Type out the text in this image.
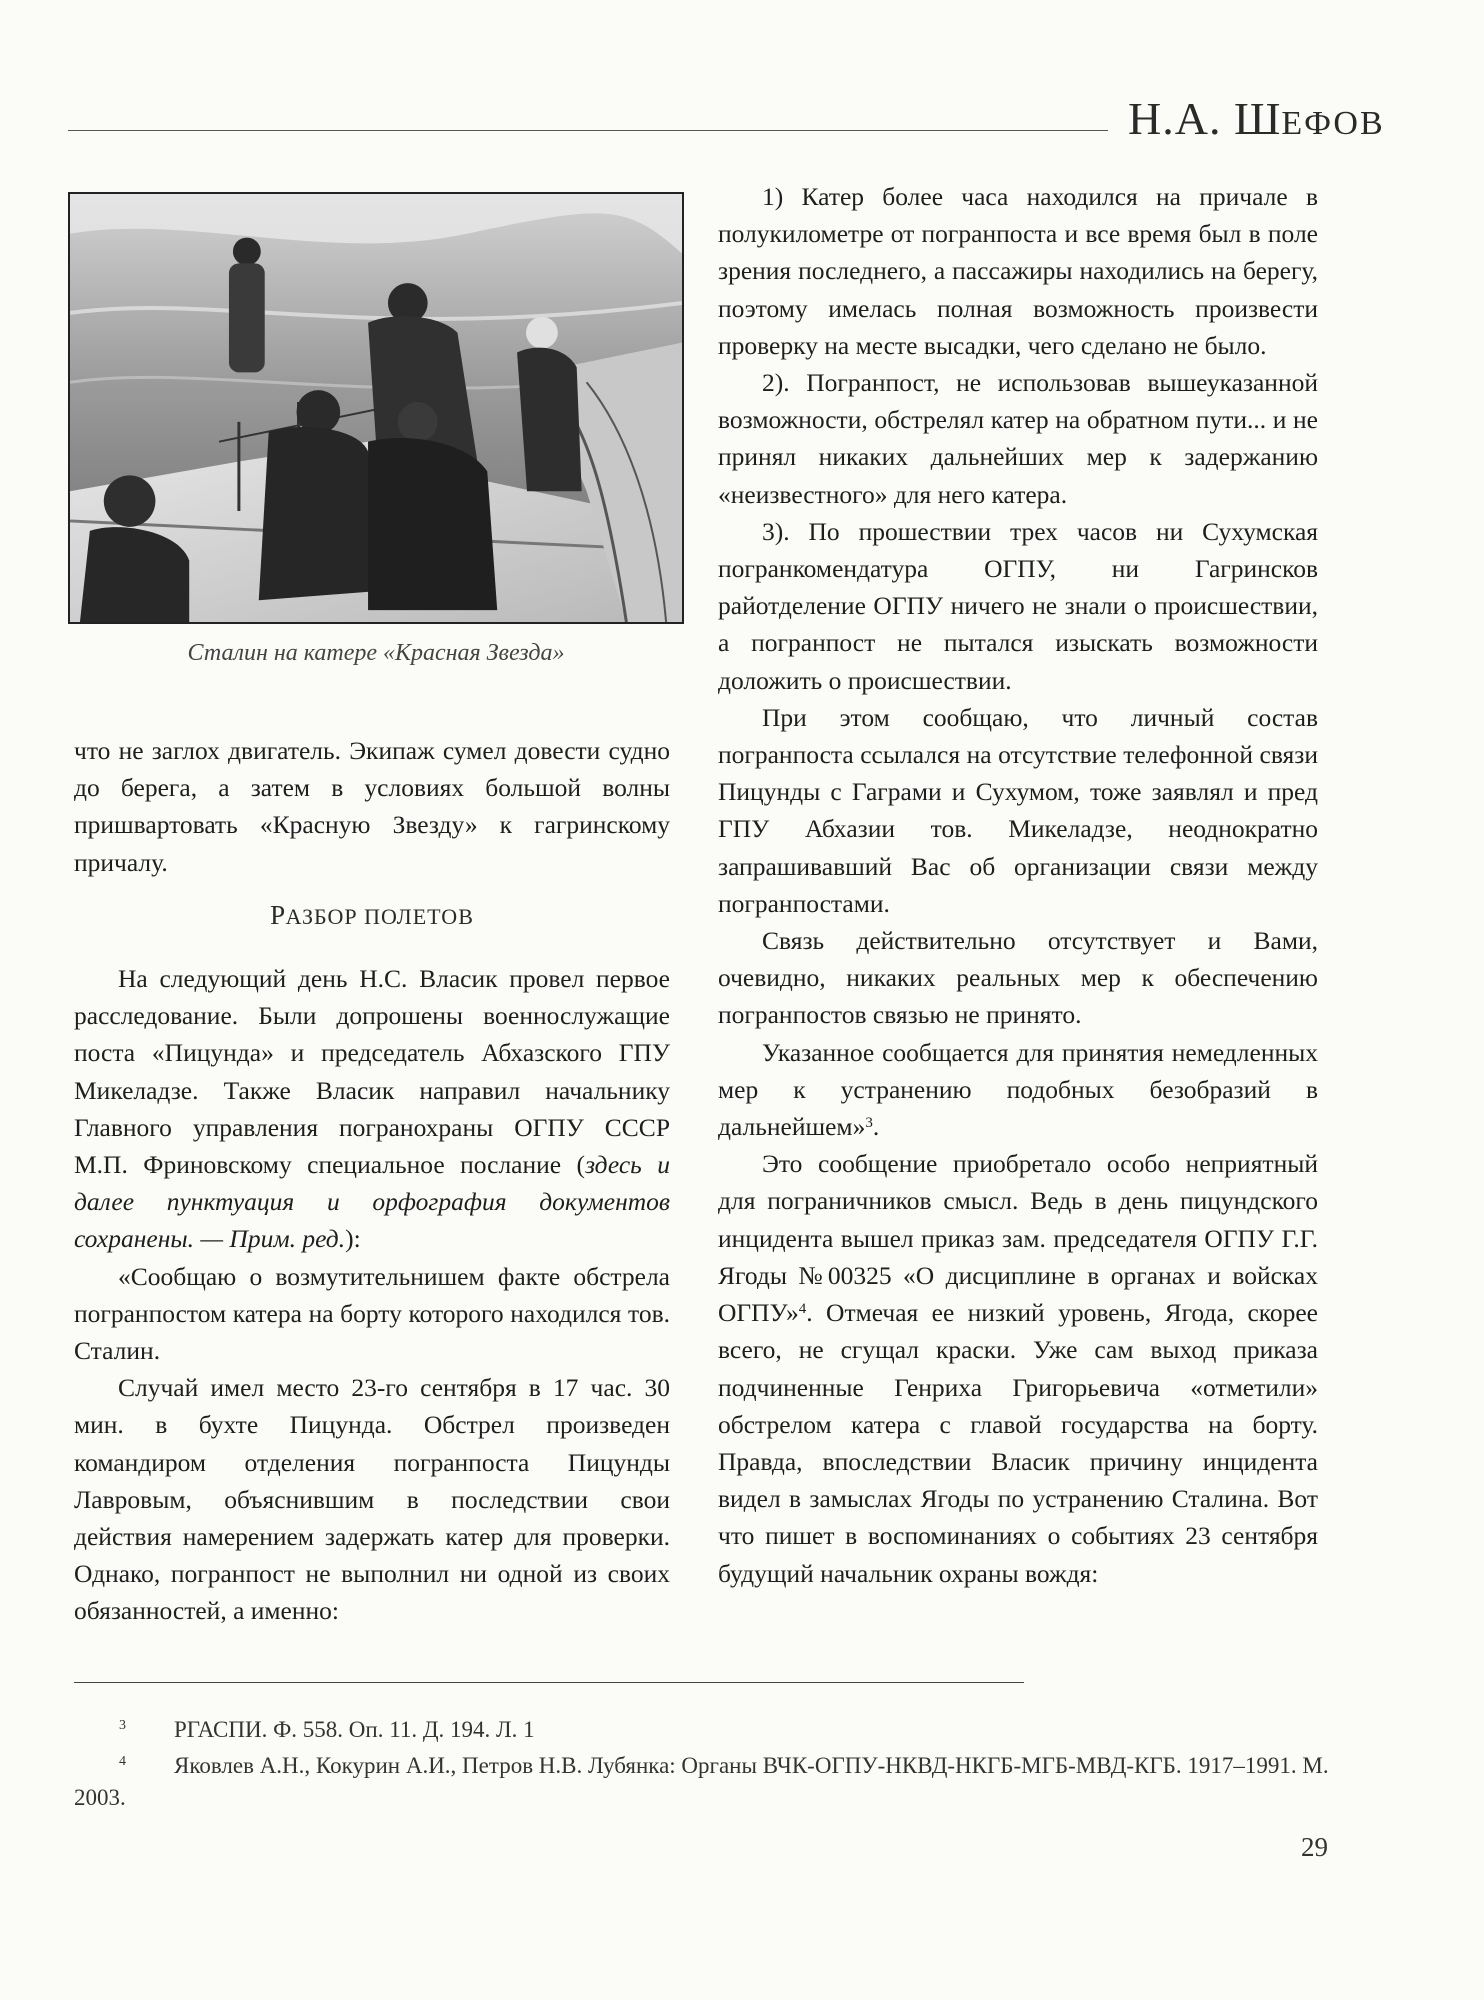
Н.А. ШЕФОВ
Сталин на катере «Красная Звезда»

что не заглох двигатель. Экипаж сумел довести судно до берега, а затем в условиях большой волны пришвартовать «Красную Звезду» к гагринскому причалу.

РАЗБОР ПОЛЕТОВ

На следующий день Н.С. Власик провел первое расследование. Были допрошены военнослужащие поста «Пицунда» и председатель Абхазского ГПУ Микеладзе. Также Власик направил начальнику Главного управления погранохраны ОГПУ СССР М.П. Фриновскому специальное послание (здесь и далее пунктуация и орфография документов сохранены. — Прим. ред.):

«Сообщаю о возмутительнишем факте обстрела погранпостом катера на борту которого находился тов. Сталин.

Случай имел место 23-го сентября в 17 час. 30 мин. в бухте Пицунда. Обстрел произведен командиром отделения погранпоста Пицунды Лавровым, объяснившим в последствии свои действия намерением задержать катер для проверки. Однако, погранпост не выполнил ни одной из своих обязанностей, а именно:

1) Катер более часа находился на причале в полукилометре от погранпоста и все время был в поле зрения последнего, а пассажиры находились на берегу, поэтому имелась полная возможность произвести проверку на месте высадки, чего сделано не было.

2). Погранпост, не использовав вышеуказанной возможности, обстрелял катер на обратном пути... и не принял никаких дальнейших мер к задержанию «неизвестного» для него катера.

3). По прошествии трех часов ни Сухумская погранкомендатура ОГПУ, ни Гагринсков райотделение ОГПУ ничего не знали о происшествии, а погранпост не пытался изыскать возможности доложить о происшествии.

При этом сообщаю, что личный состав погранпоста ссылался на отсутствие телефонной связи Пицунды с Гаграми и Сухумом, тоже заявлял и пред ГПУ Абхазии тов. Микеладзе, неоднократно запрашивавший Вас об организации связи между погранпостами.

Связь действительно отсутствует и Вами, очевидно, никаких реальных мер к обеспечению погранпостов связью не принято.

Указанное сообщается для принятия немедленных мер к устранению подобных безобразий в дальнейшем»$^3$.

Это сообщение приобретало особо неприятный для пограничников смысл. Ведь в день пицундского инцидента вышел приказ зам. председателя ОГПУ Г.Г. Ягоды №00325 «О дисциплине в органах и войсках ОГПУ»$^4$. Отмечая ее низкий уровень, Ягода, скорее всего, не сгущал краски. Уже сам выход приказа подчиненные Генриха Григорьевича «отметили» обстрелом катера с главой государства на борту. Правда, впоследствии Власик причину инцидента видел в замыслах Ягоды по устранению Сталина. Вот что пишет в воспоминаниях о событиях 23 сентября будущий начальник охраны вождя:

3 РГАСПИ. Ф. 558. Оп. 11. Д. 194. Л. 1

4 Яковлев А.Н., Кокурин А.И., Петров Н.В. Лубянка: Органы ВЧК-ОГПУ-НКВД-НКГБ-МГБ-МВД-КГБ. 1917–1991. М. 2003.

29
